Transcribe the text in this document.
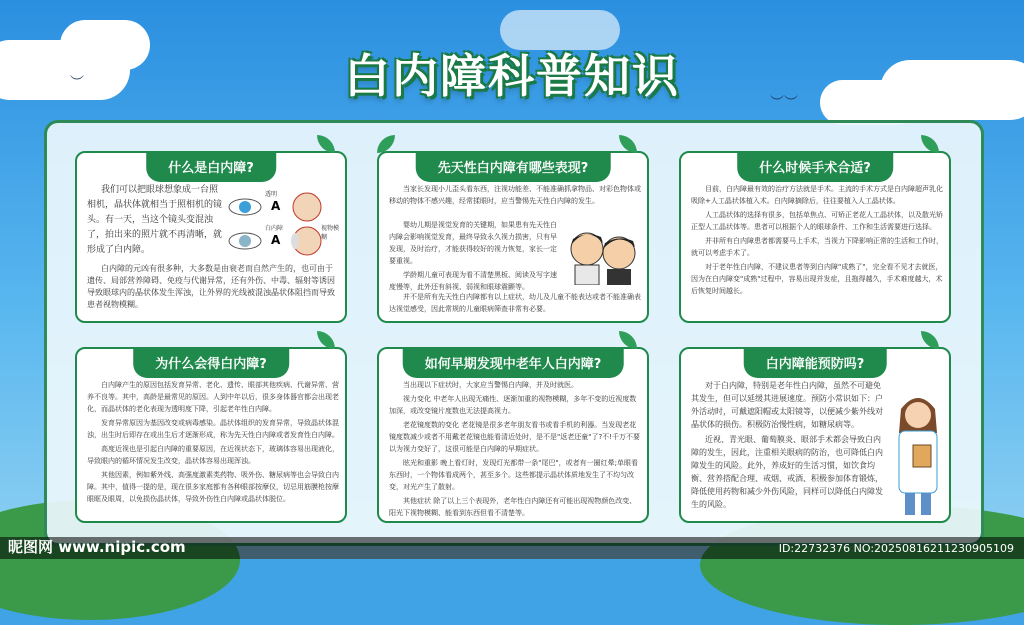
︶
︶︶
白内障科普知识
什么是白内障?

我们可以把眼球想象成一台照相机，晶状体就相当于照相机的镜头。有一天，当这个镜头变混浊了，拍出来的照片就不再清晰，就形成了白内障。

透明
A
白内障
A
视物模糊

白内障的元凶有很多种，大多数是由衰老而自然产生的，也可由于遗传、局部营养障碍、免疫与代谢异常，还有外伤、中毒、辐射等诱因导致眼球内的晶状体发生浑浊，让外界的光线被混浊晶状体阻挡而导致患者视物模糊。

先天性白内障有哪些表现?

当家长发现小儿歪头看东西，注视功能差、不能准确抓拿物品、对彩色物体或移动的物体不感兴趣，经常揉眼时，应当警惕先天性白内障的发生。

婴幼儿期是视觉发育的关键期，如果患有先天性白内障会影响视觉发育，最终导致永久视力损害，只有早发现，及时治疗，才能获得较好的视力恢复，家长一定要重视。

学龄期儿童可表现为看不清楚黑板、阅读及写字速度慢等，此外还有斜视、弱视和眼球震颤等。

并不是所有先天性白内障都有以上症状，幼儿及儿童不能表达或者不能准确表达视觉感受，因此常规的儿童眼病筛查非常有必要。

什么时候手术合适?

目前，白内障最有效的治疗方法就是手术。主流的手术方式是白内障超声乳化吸除+人工晶状体植入术。白内障摘除后，往往要植入人工晶状体。

人工晶状体的选择有很多，包括单焦点、可矫正老花人工晶状体，以及散光矫正型人工晶状体等。患者可以根据个人的眼球条件、工作和生活需要进行选择。

并非所有白内障患者都需要马上手术，当视力下降影响正常的生活和工作时，就可以考虑手术了。

对于老年性白内障，不建议患者等到白内障"成熟了"，完全看不见才去就医，因为在白内障变"成熟"过程中，容易出现并发症，且拖得越久，手术难度越大，术后恢复时间越长。

为什么会得白内障?

白内障产生的原因包括发育异常、老化、遗传、眼部其他疾病、代谢异常、营养不良等。其中，高龄是最常见的原因。人到中年以后，很多身体器官都会出现老化，而晶状体的老化表现为透明度下降，引起老年性白内障。

发育异常原因为基因改变或病毒感染。晶状体组织的发育异常，导致晶状体混浊，出生时后即存在或出生后才逐渐形成，称为先天性白内障或者发育性白内障。

高度近视也是引起白内障的重要原因，在近视状态下，玻璃体容易出现液化，导致眼内的循环情况发生改变，晶状体容易出现浑浊。

其他因素，例如紫外线、高强度激素类药物、吸外伤、糖尿病等也会导致白内障。其中，值得一提的是，现在很多家庭都有各种眼部按摩仪，切忌用筋膜枪按摩眼眶及眼周，以免损伤晶状体，导致外伤性白内障或晶状体脱位。

如何早期发现中老年人白内障?

当出现以下症状时，大家应当警惕白内障，并及时就医。

视力变化 中老年人出现无痛性、逐渐加重的视物模糊，多年不变的近视度数加深，或改变镜片度数也无法提高视力。

老花镜度数的变化 老花镜是很多老年朋友看书或看手机的利器。当发现老花镜度数减少或者不用戴老花镜也能看清近处时，是不是"返老还童"了?不!千万不要以为视力变好了，这很可能是白内障的早期症状。

眩光和重影 晚上看灯时，发现灯光都带一条"尾巴"，或者有一圈红晕;单眼看东西时，一个物体看成两个，甚至多个。这些都提示晶状体质地发生了不均匀改变，对光产生了散射。

其他症状 除了以上三个表现外，老年性白内障还有可能出现视物颜色改变、阳光下视物模糊、能看到东西但看不清楚等。

白内障能预防吗?

对于白内障，特别是老年性白内障，虽然不可避免其发生，但可以延缓其进展速度。预防小常识如下：户外活动时，可戴遮阳帽或太阳镜等，以便减少紫外线对晶状体的损伤。积极防治慢性病，如糖尿病等。

近视、青光眼、葡萄膜炎、眼部手术都会导致白内障的发生，因此，注重相关眼病的防治，也可降低白内障发生的风险。此外，养成好的生活习惯，如饮食均衡、营养搭配合理、戒烟、戒酒、积极参加体育锻炼，降低使用药物和减少外伤风险，同样可以降低白内障发生的风险。

昵图网 www.nipic.com	ID:22732376 NO:20250816211230905109
